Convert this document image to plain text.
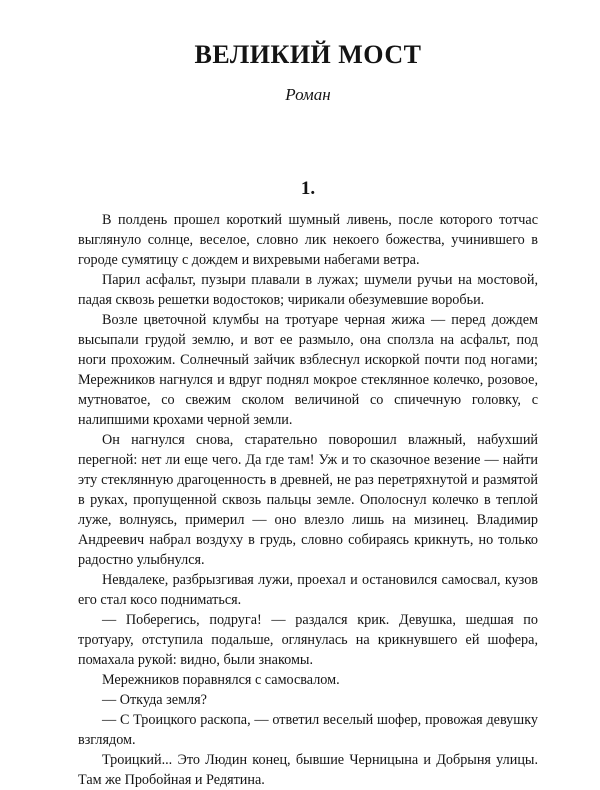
ВЕЛИКИЙ МОСТ
Роман
1.

В полдень прошел короткий шумный ливень, после которого тотчас выглянуло солнце, веселое, словно лик некоего божества, учинившего в городе сумятицу с дождем и вихревыми набегами ветра.

Парил асфальт, пузыри плавали в лужах; шумели ручьи на мостовой, падая сквозь решетки водостоков; чирикали обезумевшие воробьи.

Возле цветочной клумбы на тротуаре черная жижа — перед дождем высыпали грудой землю, и вот ее размыло, она сползла на асфальт, под ноги прохожим. Солнечный зайчик взблеснул искоркой почти под ногами; Мережников нагнулся и вдруг поднял мокрое стеклянное колечко, розовое, мутноватое, со свежим сколом величиной со спичечную головку, с налипшими крохами черной земли.

Он нагнулся снова, старательно поворошил влажный, набухший перегной: нет ли еще чего. Да где там! Уж и то сказочное везение — найти эту стеклянную драгоценность в древней, не раз перетряхнутой и размятой в руках, пропущенной сквозь пальцы земле. Ополоснул колечко в теплой луже, волнуясь, примерил — оно влезло лишь на мизинец. Владимир Андреевич набрал воздуху в грудь, словно собираясь крикнуть, но только радостно улыбнулся.

Невдалеке, разбрызгивая лужи, проехал и остановился самосвал, кузов его стал косо подниматься.

— Поберегись, подруга! — раздался крик. Девушка, шедшая по тротуару, отступила подальше, оглянулась на крикнувшего ей шофера, помахала рукой: видно, были знакомы.

Мережников поравнялся с самосвалом.

— Откуда земля?

— С Троицкого раскопа, — ответил веселый шофер, провожая девушку взглядом.

Троицкий... Это Людин конец, бывшие Черницына и Добрыня улицы. Там же Пробойная и Редятина.
